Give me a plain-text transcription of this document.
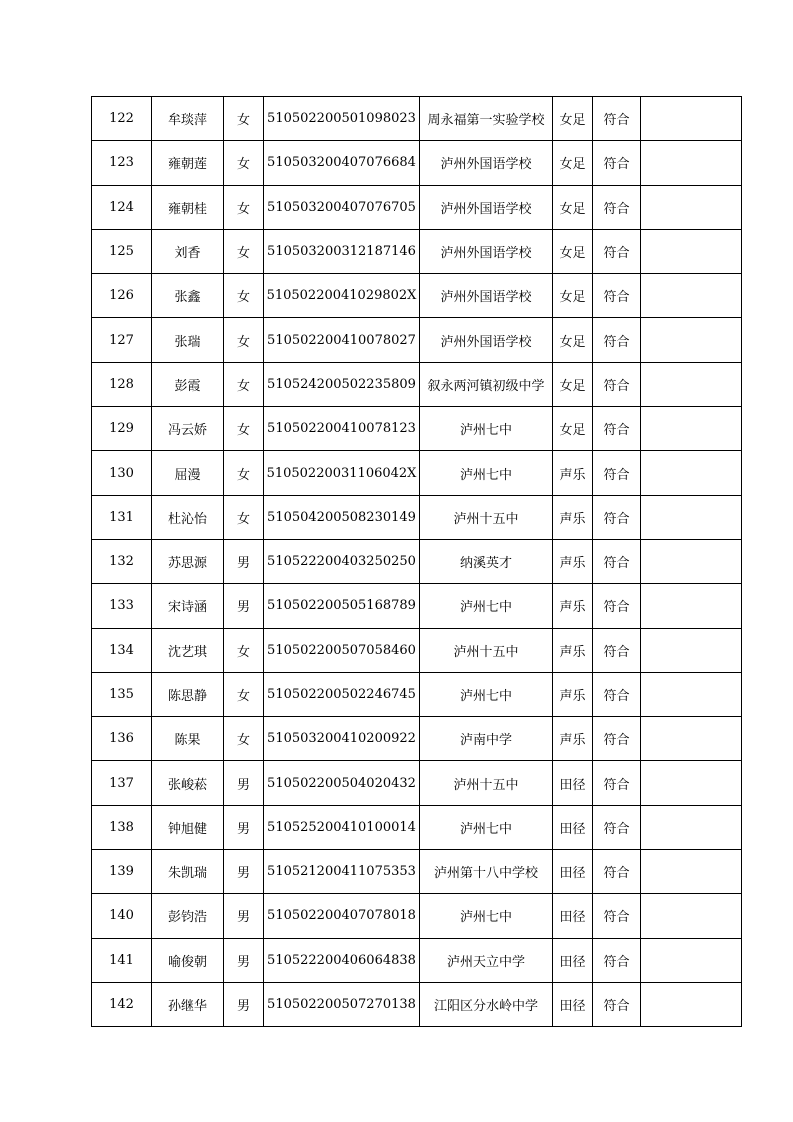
122	牟琰萍	女	510502200501098023	周永福第一实验学校	女足	符合	
123	雍朝莲	女	510503200407076684	泸州外国语学校	女足	符合	
124	雍朝桂	女	510503200407076705	泸州外国语学校	女足	符合	
125	刘香	女	510503200312187146	泸州外国语学校	女足	符合	
126	张鑫	女	51050220041029802X	泸州外国语学校	女足	符合	
127	张瑞	女	510502200410078027	泸州外国语学校	女足	符合	
128	彭霞	女	510524200502235809	叙永两河镇初级中学	女足	符合	
129	冯云娇	女	510502200410078123	泸州七中	女足	符合	
130	屈漫	女	51050220031106042X	泸州七中	声乐	符合	
131	杜沁怡	女	510504200508230149	泸州十五中	声乐	符合	
132	苏思源	男	510522200403250250	纳溪英才	声乐	符合	
133	宋诗涵	男	510502200505168789	泸州七中	声乐	符合	
134	沈艺琪	女	510502200507058460	泸州十五中	声乐	符合	
135	陈思静	女	510502200502246745	泸州七中	声乐	符合	
136	陈果	女	510503200410200922	泸南中学	声乐	符合	
137	张峻菘	男	510502200504020432	泸州十五中	田径	符合	
138	钟旭健	男	510525200410100014	泸州七中	田径	符合	
139	朱凯瑞	男	510521200411075353	泸州第十八中学校	田径	符合	
140	彭钧浩	男	510502200407078018	泸州七中	田径	符合	
141	喻俊朝	男	510522200406064838	泸州天立中学	田径	符合	
142	孙继华	男	510502200507270138	江阳区分水岭中学	田径	符合	
